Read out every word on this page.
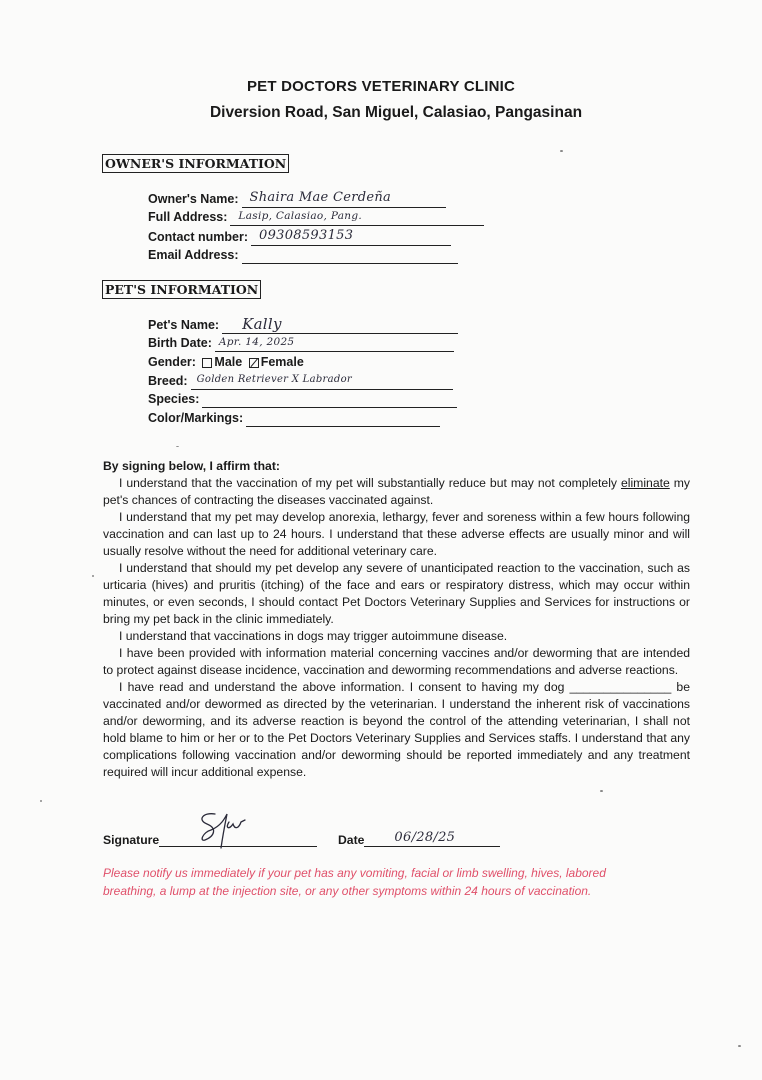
PET DOCTORS VETERINARY CLINIC
Diversion Road, San Miguel, Calasiao, Pangasinan
OWNER'S INFORMATION
Owner's Name: Shaira Mae Cerdeña
Full Address: Lasip, Calasiao, Pang.
Contact number: 09308593153
Email Address:
PET'S INFORMATION
Pet's Name: Kally
Birth Date: Apr. 14, 2025
Gender: Male Female
Breed: Golden Retriever X Labrador
Species:
Color/Markings:

By signing below, I affirm that:

I understand that the vaccination of my pet will substantially reduce but may not completely eliminate my pet's chances of contracting the diseases vaccinated against.

I understand that my pet may develop anorexia, lethargy, fever and soreness within a few hours following vaccination and can last up to 24 hours. I understand that these adverse effects are usually minor and will usually resolve without the need for additional veterinary care.

I understand that should my pet develop any severe of unanticipated reaction to the vaccination, such as urticaria (hives) and pruritis (itching) of the face and ears or respiratory distress, which may occur within minutes, or even seconds, I should contact Pet Doctors Veterinary Supplies and Services for instructions or bring my pet back in the clinic immediately.

I understand that vaccinations in dogs may trigger autoimmune disease.

I have been provided with information material concerning vaccines and/or deworming that are intended to protect against disease incidence, vaccination and deworming recommendations and adverse reactions.

I have read and understand the above information. I consent to having my dog _______________ be vaccinated and/or dewormed as directed by the veterinarian. I understand the inherent risk of vaccinations and/or deworming, and its adverse reaction is beyond the control of the attending veterinarian, I shall not hold blame to him or her or to the Pet Doctors Veterinary Supplies and Services staffs. I understand that any complications following vaccination and/or deworming should be reported immediately and any treatment required will incur additional expense.

Signature	Date 06/28/25
Please notify us immediately if your pet has any vomiting, facial or limb swelling, hives, labored breathing, a lump at the injection site, or any other symptoms within 24 hours of vaccination.
